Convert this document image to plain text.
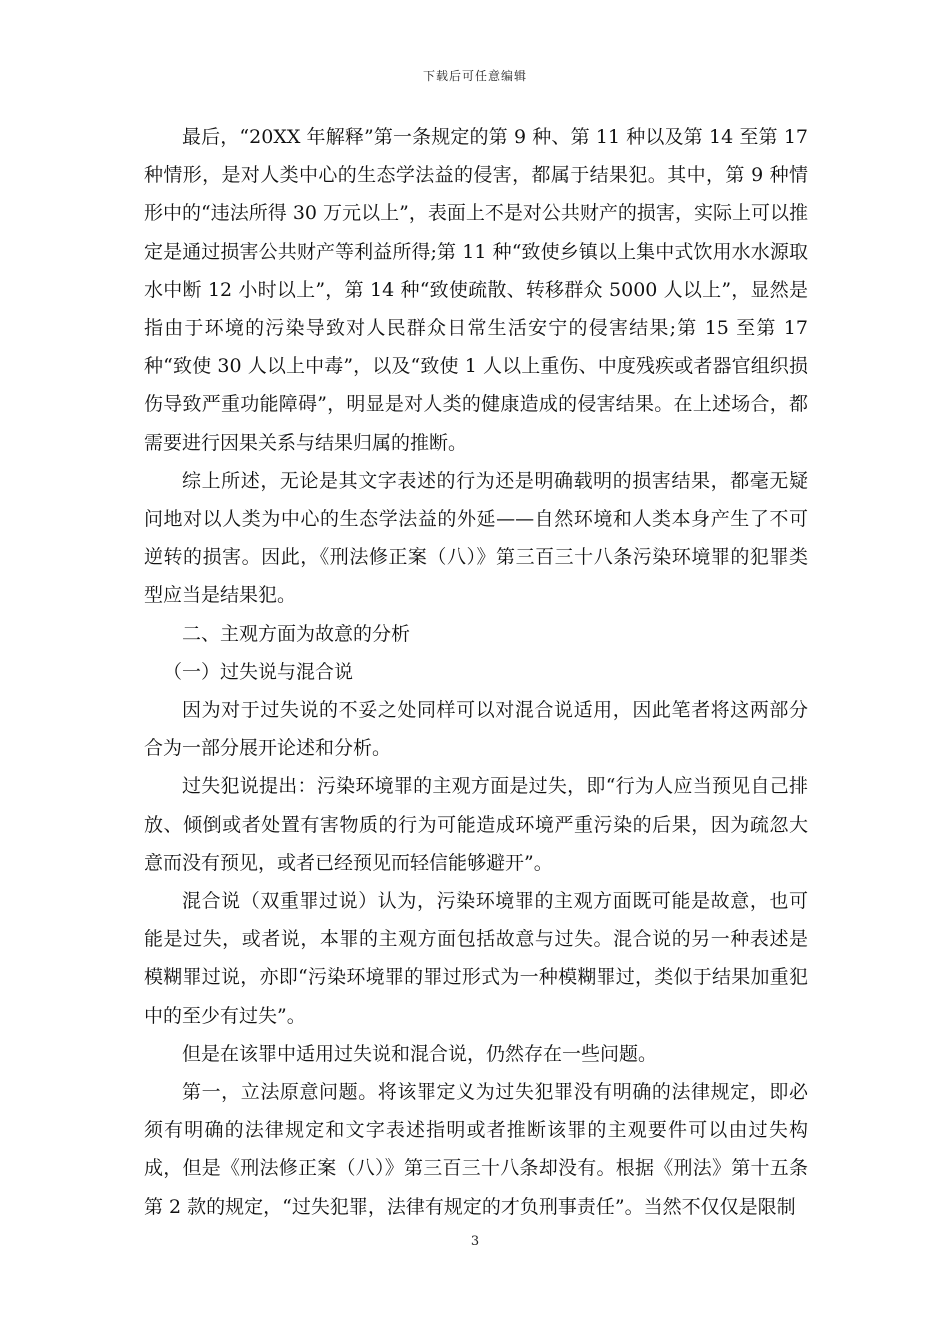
下载后可任意编辑

最后，“20XX 年解释”第一条规定的第 9 种、第 11 种以及第 14 至第 17 种情形，是对人类中心的生态学法益的侵害，都属于结果犯。其中，第 9 种情形中的“违法所得 30 万元以上”，表面上不是对公共财产的损害，实际上可以推定是通过损害公共财产等利益所得;第 11 种“致使乡镇以上集中式饮用水水源取水中断 12 小时以上”，第 14 种“致使疏散、转移群众 5000 人以上”，显然是指由于环境的污染导致对人民群众日常生活安宁的侵害结果;第 15 至第 17 种“致使 30 人以上中毒”，以及“致使 1 人以上重伤、中度残疾或者器官组织损伤导致严重功能障碍”，明显是对人类的健康造成的侵害结果。在上述场合，都需要进行因果关系与结果归属的推断。

综上所述，无论是其文字表述的行为还是明确载明的损害结果，都毫无疑问地对以人类为中心的生态学法益的外延——自然环境和人类本身产生了不可逆转的损害。因此，《刑法修正案（八）》第三百三十八条污染环境罪的犯罪类型应当是结果犯。

二、主观方面为故意的分析

（一）过失说与混合说

因为对于过失说的不妥之处同样可以对混合说适用，因此笔者将这两部分合为一部分展开论述和分析。

过失犯说提出：污染环境罪的主观方面是过失，即“行为人应当预见自己排放、倾倒或者处置有害物质的行为可能造成环境严重污染的后果，因为疏忽大意而没有预见，或者已经预见而轻信能够避开”。

混合说（双重罪过说）认为，污染环境罪的主观方面既可能是故意，也可能是过失，或者说，本罪的主观方面包括故意与过失。混合说的另一种表述是模糊罪过说，亦即“污染环境罪的罪过形式为一种模糊罪过，类似于结果加重犯中的至少有过失”。

但是在该罪中适用过失说和混合说，仍然存在一些问题。

第一，立法原意问题。将该罪定义为过失犯罪没有明确的法律规定，即必须有明确的法律规定和文字表述指明或者推断该罪的主观要件可以由过失构成，但是《刑法修正案（八）》第三百三十八条却没有。根据《刑法》第十五条第 2 款的规定，“过失犯罪，法律有规定的才负刑事责任”。当然不仅仅是限制

3
